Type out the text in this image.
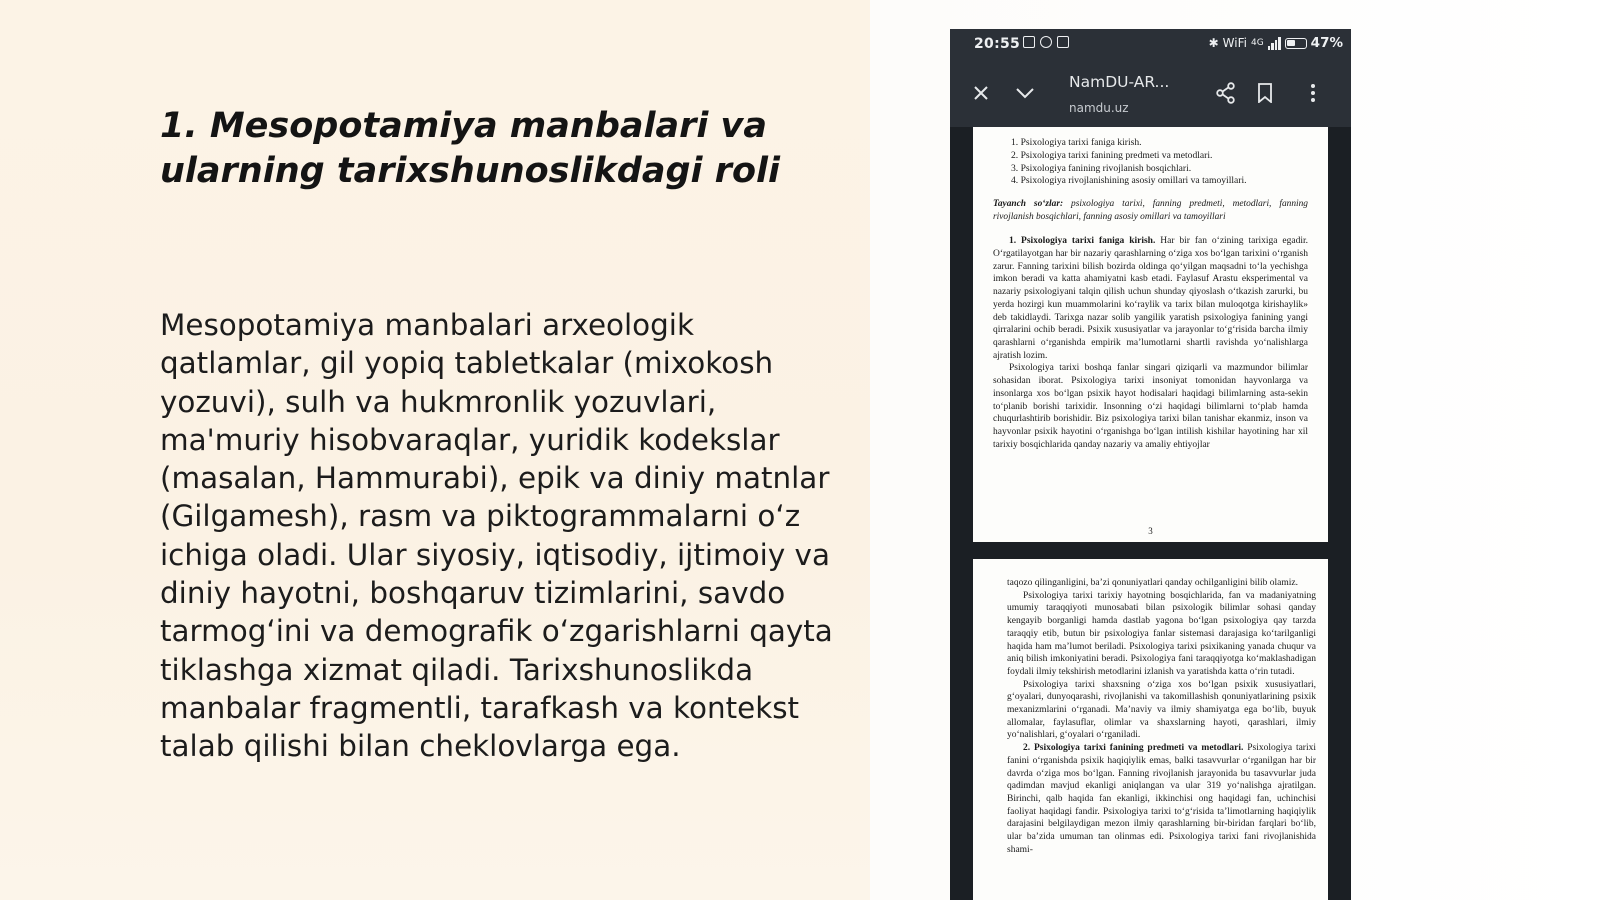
1. Mesopotamiya manbalari va ularning tarixshunoslikdagi roli

Mesopotamiya manbalari arxeologik qatlamlar, gil yopiq tabletkalar (mixokosh yozuvi), sulh va hukmronlik yozuvlari, ma'muriy hisobvaraqlar, yuridik kodekslar (masalan, Hammurabi), epik va diniy matnlar (Gilgamesh), rasm va piktogrammalarni o‘z ichiga oladi. Ular siyosiy, iqtisodiy, ijtimoiy va diniy hayotni, boshqaruv tizimlarini, savdo tarmog‘ini va demografik o‘zgarishlarni qayta tiklashga xizmat qiladi. Tarixshunoslikda manbalar fragmentli, tarafkash va kontekst talab qilishi bilan cheklovlarga ega.

20:55	✱ WiFi 4G	47%
NamDU-AR...
namdu.uz
1. Psixologiya tarixi faniga kirish.
2. Psixologiya tarixi fanining predmeti va metodlari.
3. Psixologiya fanining rivojlanish bosqichlari.
4. Psixologiya rivojlanishining asosiy omillari va tamoyillari.

Tayanch so‘zlar: psixologiya tarixi, fanning predmeti, metodlari, fanning rivojlanish bosqichlari, fanning asosiy omillari va tamoyillari

1. Psixologiya tarixi faniga kirish. Har bir fan o‘zining tarixiga egadir. O‘rgatilayotgan har bir nazariy qarashlarning o‘ziga xos bo‘lgan tarixini o‘rganish zarur. Fanning tarixini bilish bozirda oldinga qo‘yilgan maqsadni to‘la yechishga imkon beradi va katta ahamiyatni kasb etadi. Faylasuf Arastu eksperimental va nazariy psixologiyani talqin qilish uchun shunday qiyoslash o‘tkazish zarurki, bu yerda hozirgi kun muammolarini ko‘raylik va tarix bilan muloqotga kirishaylik» deb takidlaydi. Tarixga nazar solib yangilik yaratish psixologiya fanining yangi qirralarini ochib beradi. Psixik xususiyatlar va jarayonlar to‘g‘risida barcha ilmiy qarashlarni o‘rganishda empirik ma’lumotlarni shartli ravishda yo‘nalishlarga ajratish lozim.

Psixologiya tarixi boshqa fanlar singari qiziqarli va mazmundor bilimlar sohasidan iborat. Psixologiya tarixi insoniyat tomonidan hayvonlarga va insonlarga xos bo‘lgan psixik hayot hodisalari haqidagi bilimlarning asta-sekin to‘planib borishi tarixidir. Insonning o‘zi haqidagi bilimlarni to‘plab hamda chuqurlashtirib borishidir. Biz psixologiya tarixi bilan tanishar ekanmiz, inson va hayvonlar psixik hayotini o‘rganishga bo‘lgan intilish kishilar hayotining har xil tarixiy bosqichlarida qanday nazariy va amaliy ehtiyojlar

3

taqozo qilinganligini, ba’zi qonuniyatlari qanday ochilganligini bilib olamiz.

Psixologiya tarixi tarixiy hayotning bosqichlarida, fan va madaniyatning umumiy taraqqiyoti munosabati bilan psixologik bilimlar sohasi qanday kengayib borganligi hamda dastlab yagona bo‘lgan psixologiya qay tarzda taraqqiy etib, butun bir psixologiya fanlar sistemasi darajasiga ko‘tarilganligi haqida ham ma’lumot beriladi. Psixologiya tarixi psixikaning yanada chuqur va aniq bilish imkoniyatini beradi. Psixologiya fani taraqqiyotga ko‘maklashadigan foydali ilmiy tekshirish metodlarini izlanish va yaratishda katta o‘rin tutadi.

Psixologiya tarixi shaxsning o‘ziga xos bo‘lgan psixik xususiyatlari, g‘oyalari, dunyoqarashi, rivojlanishi va takomillashish qonuniyatlarining psixik mexanizmlarini o‘rganadi. Ma’naviy va ilmiy shamiyatga ega bo‘lib, buyuk allomalar, faylasuflar, olimlar va shaxslarning hayoti, qarashlari, ilmiy yo‘nalishlari, g‘oyalari o‘rganiladi.

2. Psixologiya tarixi fanining predmeti va metodlari. Psixologiya tarixi fanini o‘rganishda psixik haqiqiylik emas, balki tasavvurlar o‘rganilgan har bir davrda o‘ziga mos bo‘lgan. Fanning rivojlanish jarayonida bu tasavvurlar juda qadimdan mavjud ekanligi aniqlangan va ular 319 yo‘nalishga ajratilgan. Birinchi, qalb haqida fan ekanligi, ikkinchisi ong haqidagi fan, uchinchisi faoliyat haqidagi fandir. Psixologiya tarixi to‘g‘risida ta’limotlarning haqiqiylik darajasini belgilaydigan mezon ilmiy qarashlarning bir-biridan farqlari bo‘lib, ular ba’zida umuman tan olinmas edi. Psixologiya tarixi fani rivojlanishida shami-
